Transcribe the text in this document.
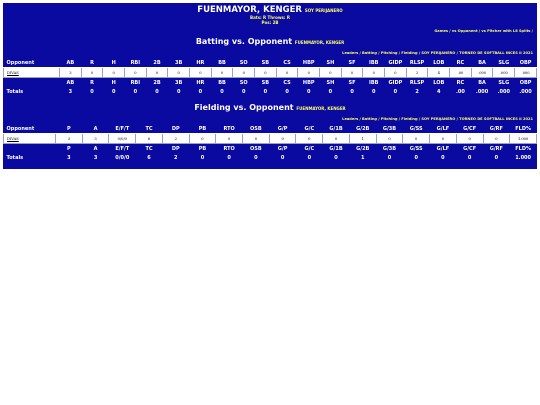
FUENMAYOR, KENGER SOY PERIJANERO
Bats: R Throws: R
Pos: 2B
Games / vs Opponent / vs Pitcher with L8 Splits /
Batting vs. Opponent FUENMAYOR, KENGER
Leaders / Batting / Pitching / Fielding / SOY PERIJANERO / TORNEO DE SOFTBALL INCES II 2021
Opponent	AB	R	H	RBI	2B	3B	HR	BB	SO	SB	CS	HBP	SH	SF	IBB	GIDP	RLSP	LOB	RC	BA	SLG	OBP
DIVAS	3	0	0	0	0	0	0	0	0	0	0	0	0	0	0	0	2	4	.00	.000	.000	.000
	AB	R	H	RBI	2B	3B	HR	BB	SO	SB	CS	HBP	SH	SF	IBB	GIDP	RLSP	LOB	RC	BA	SLG	OBP
Totals	3	0	0	0	0	0	0	0	0	0	0	0	0	0	0	0	2	4	.00	.000	.000	.000
Fielding vs. Opponent FUENMAYOR, KENGER
Leaders / Batting / Pitching / Fielding / SOY PERIJANERO / TORNEO DE SOFTBALL INCES II 2021
Opponent	P	A	E/F/T	TC	DP	PB	RTO	OSB	G/P	G/C	G/1B	G/2B	G/3B	G/SS	G/LF	G/CF	G/RF	FLD%
DIVAS	3	3	0/0/0	6	2	0	0	0	0	0	0	1	0	0	0	0	0	1.000
	P	A	E/F/T	TC	DP	PB	RTO	OSB	G/P	G/C	G/1B	G/2B	G/3B	G/SS	G/LF	G/CF	G/RF	FLD%
Totals	3	3	0/0/0	6	2	0	0	0	0	0	0	1	0	0	0	0	0	1.000
